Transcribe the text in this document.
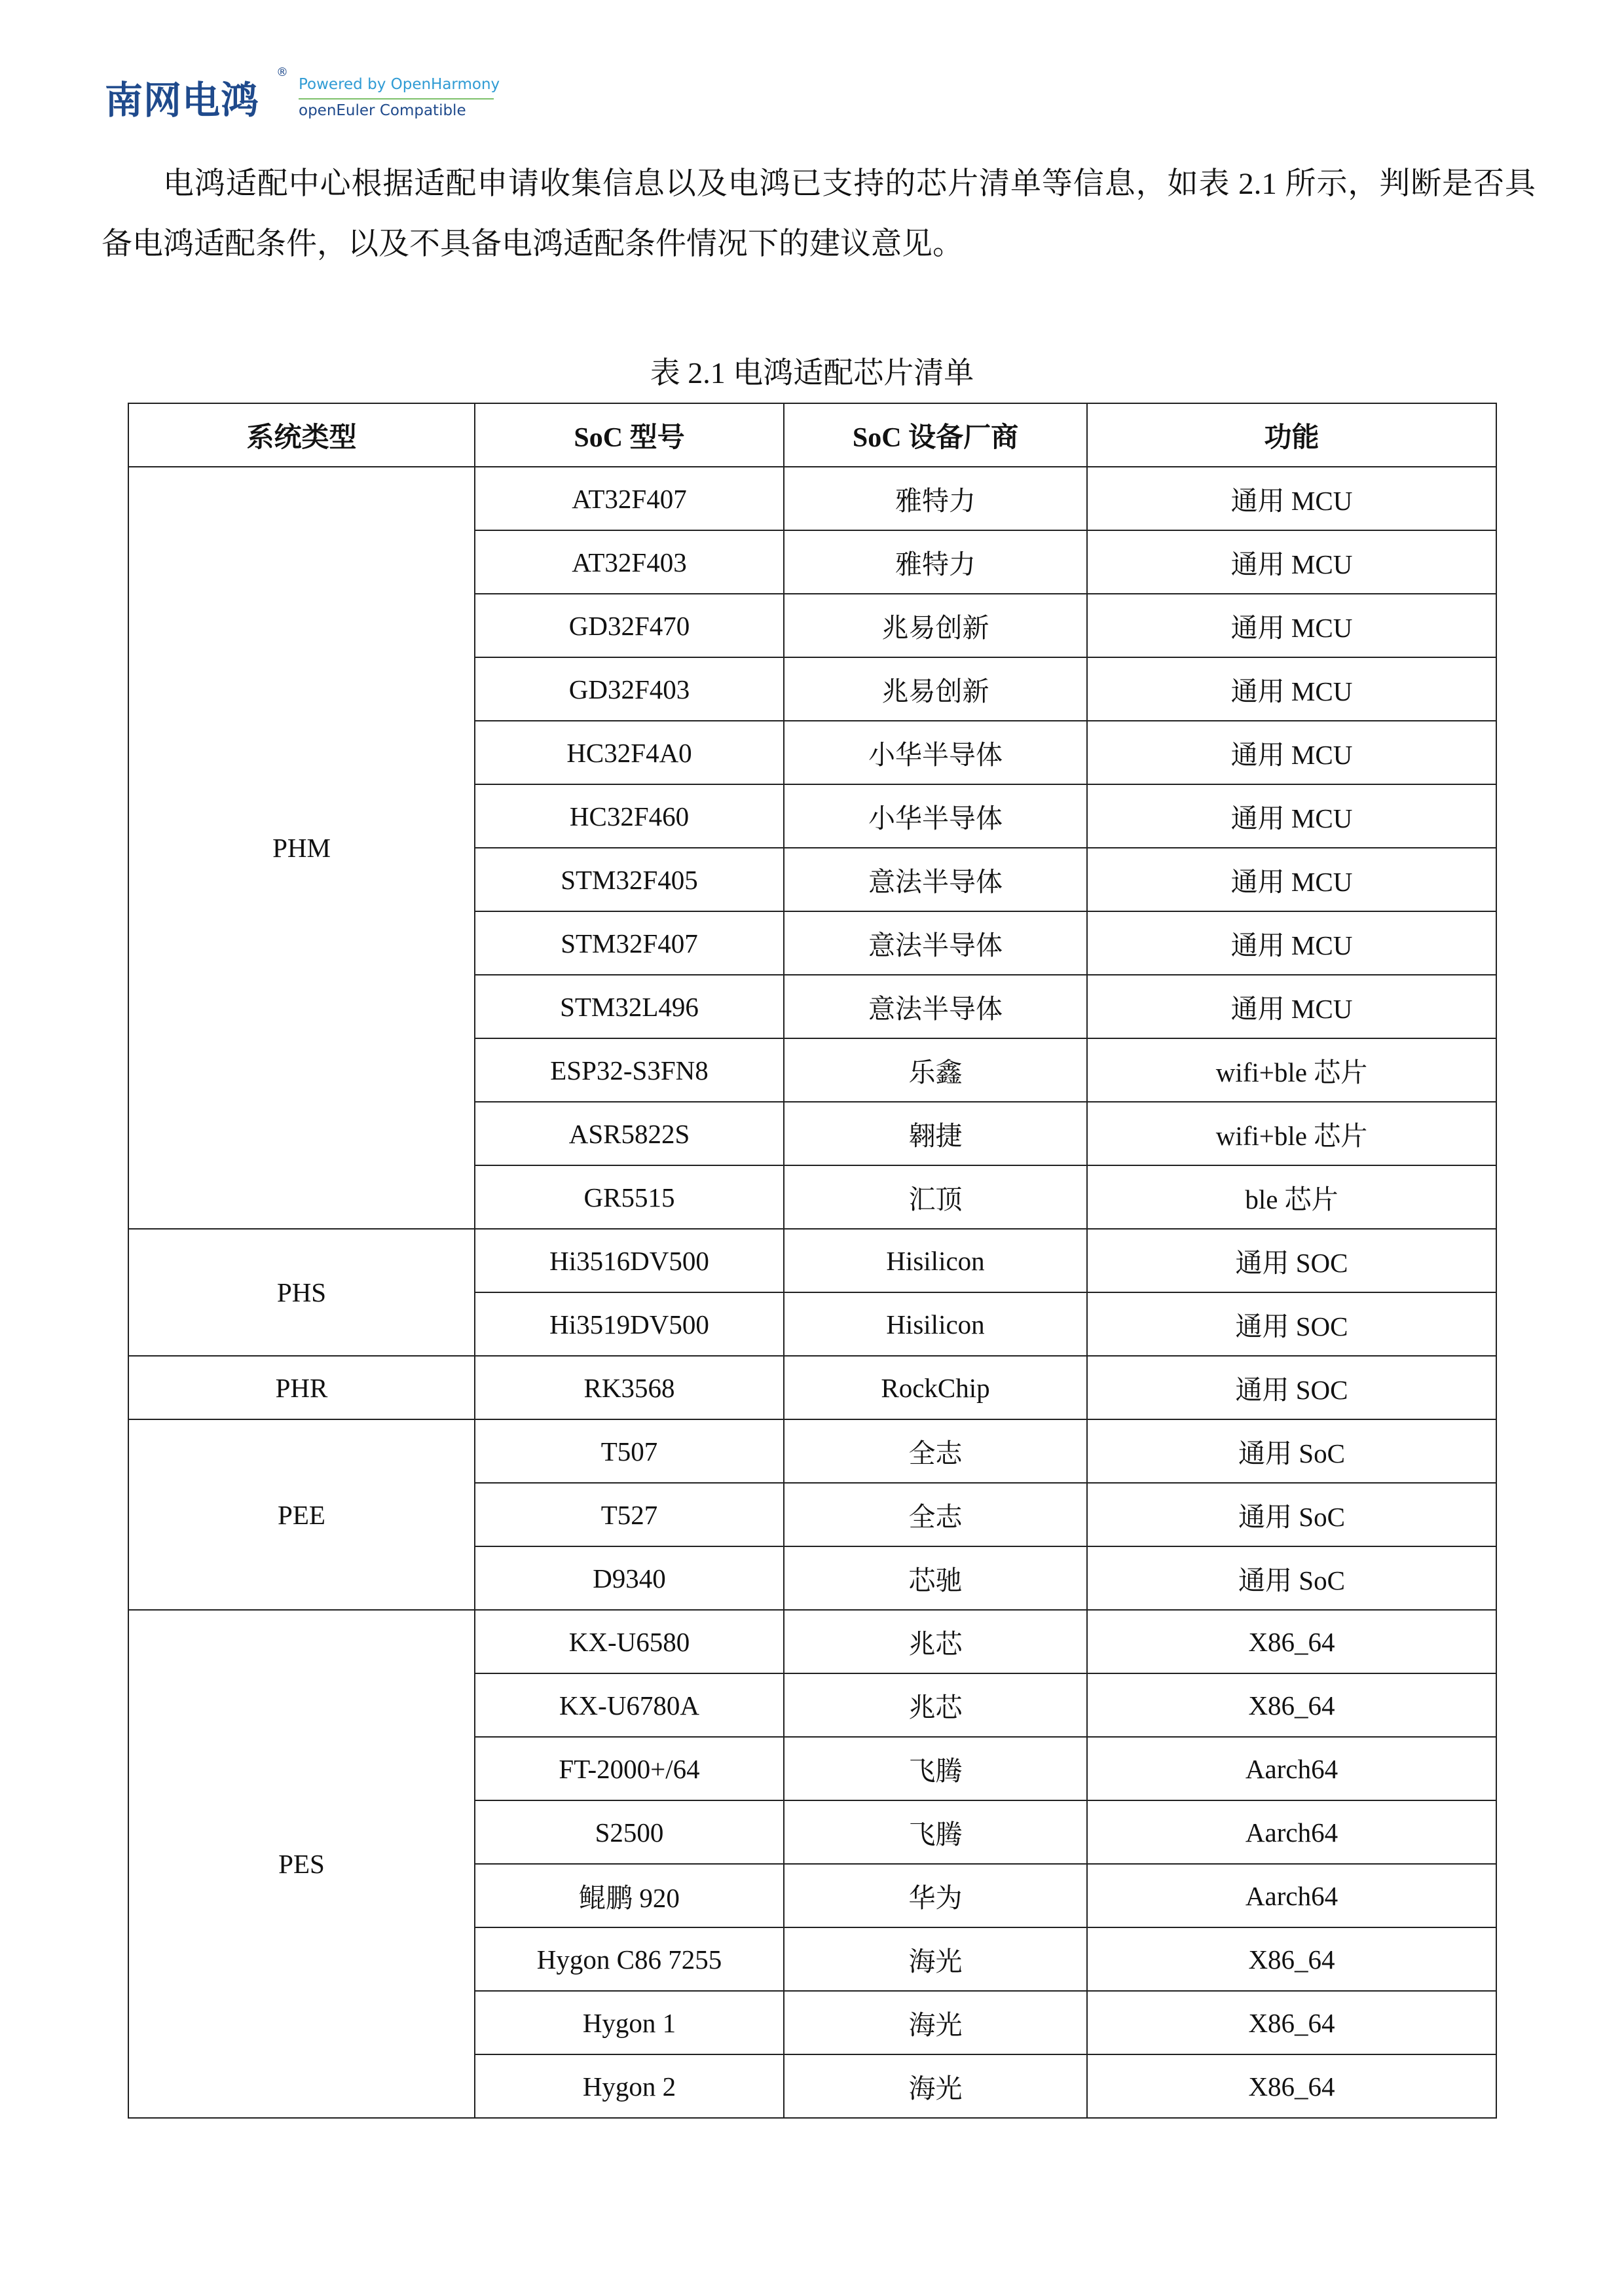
南网电鸿
®
Powered by OpenHarmony
openEuler Compatible

电鸿适配中心根据适配申请收集信息以及电鸿已支持的芯片清单等信息，如表 2.1 所示，判断是否具备电鸿适配条件，以及不具备电鸿适配条件情况下的建议意见。

表 2.1 电鸿适配芯片清单
系统类型	SoC 型号	SoC 设备厂商	功能
PHM	AT32F407	雅特力	通用 MCU
	AT32F403	雅特力	通用 MCU
	GD32F470	兆易创新	通用 MCU
	GD32F403	兆易创新	通用 MCU
	HC32F4A0	小华半导体	通用 MCU
	HC32F460	小华半导体	通用 MCU
	STM32F405	意法半导体	通用 MCU
	STM32F407	意法半导体	通用 MCU
	STM32L496	意法半导体	通用 MCU
	ESP32-S3FN8	乐鑫	wifi+ble 芯片
	ASR5822S	翱捷	wifi+ble 芯片
	GR5515	汇顶	ble 芯片
PHS	Hi3516DV500	Hisilicon	通用 SOC
	Hi3519DV500	Hisilicon	通用 SOC
PHR	RK3568	RockChip	通用 SOC
PEE	T507	全志	通用 SoC
	T527	全志	通用 SoC
	D9340	芯驰	通用 SoC
PES	KX-U6580	兆芯	X86_64
	KX-U6780A	兆芯	X86_64
	FT-2000+/64	飞腾	Aarch64
	S2500	飞腾	Aarch64
	鲲鹏 920	华为	Aarch64
	Hygon C86 7255	海光	X86_64
	Hygon 1	海光	X86_64
	Hygon 2	海光	X86_64
